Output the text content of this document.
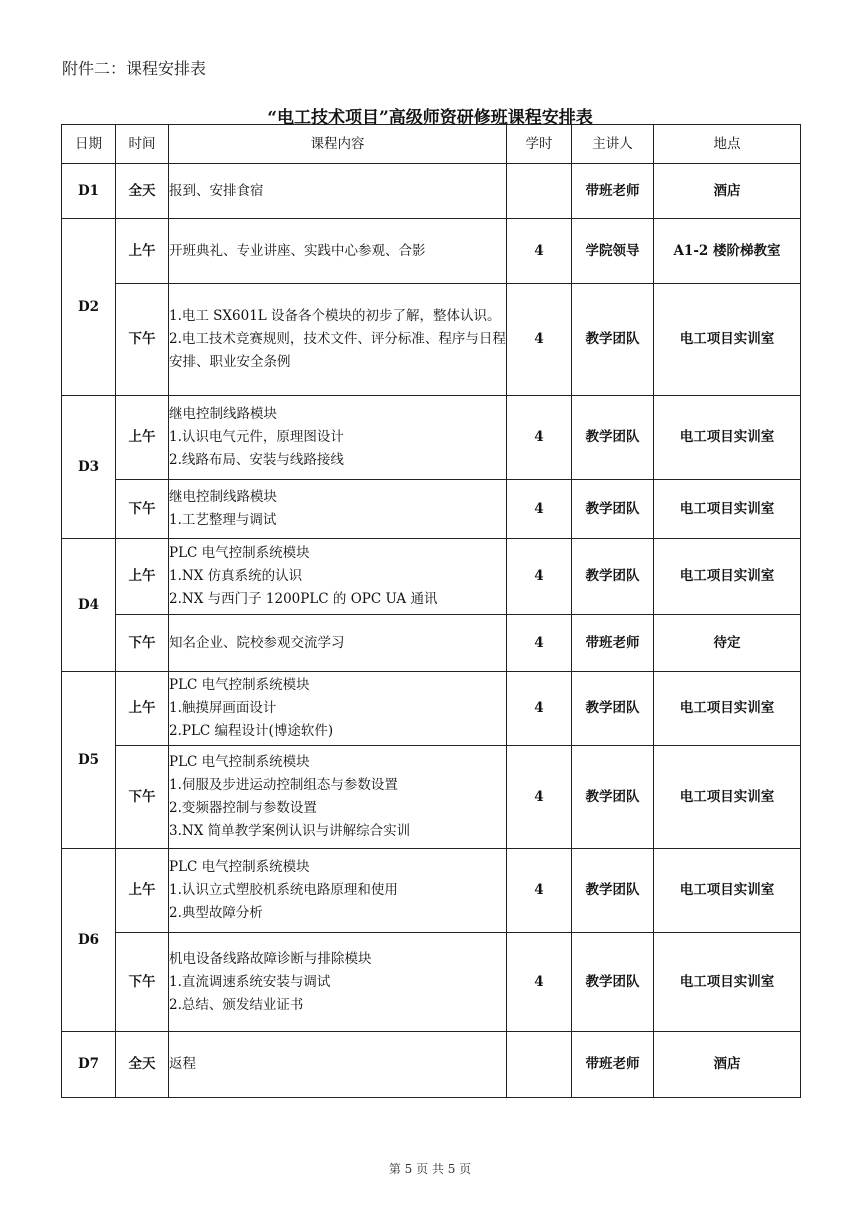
附件二：课程安排表
“电工技术项目”高级师资研修班课程安排表
日期	时间	课程内容	学时	主讲人	地点
D1	全天	报到、安排食宿		带班老师	酒店
D2	上午	开班典礼、专业讲座、实践中心参观、合影	4	学院领导	A1-2 楼阶梯教室
	下午	1.电工 SX601L 设备各个模块的初步了解，整体认识。
2.电工技术竞赛规则，技术文件、评分标准、程序与日程安排、职业安全条例	4	教学团队	电工项目实训室
D3	上午	继电控制线路模块
1.认识电气元件，原理图设计
2.线路布局、安装与线路接线	4	教学团队	电工项目实训室
	下午	继电控制线路模块
1.工艺整理与调试	4	教学团队	电工项目实训室
D4	上午	PLC 电气控制系统模块
1.NX 仿真系统的认识
2.NX 与西门子 1200PLC 的 OPC UA 通讯	4	教学团队	电工项目实训室
	下午	知名企业、院校参观交流学习	4	带班老师	待定
D5	上午	PLC 电气控制系统模块
1.触摸屏画面设计
2.PLC 编程设计(博途软件)	4	教学团队	电工项目实训室
	下午	PLC 电气控制系统模块
1.伺服及步进运动控制组态与参数设置
2.变频器控制与参数设置
3.NX 简单教学案例认识与讲解综合实训	4	教学团队	电工项目实训室
D6	上午	PLC 电气控制系统模块
1.认识立式塑胶机系统电路原理和使用
2.典型故障分析	4	教学团队	电工项目实训室
	下午	机电设备线路故障诊断与排除模块
1.直流调速系统安装与调试
2.总结、颁发结业证书	4	教学团队	电工项目实训室
D7	全天	返程		带班老师	酒店
第 5 页 共 5 页
